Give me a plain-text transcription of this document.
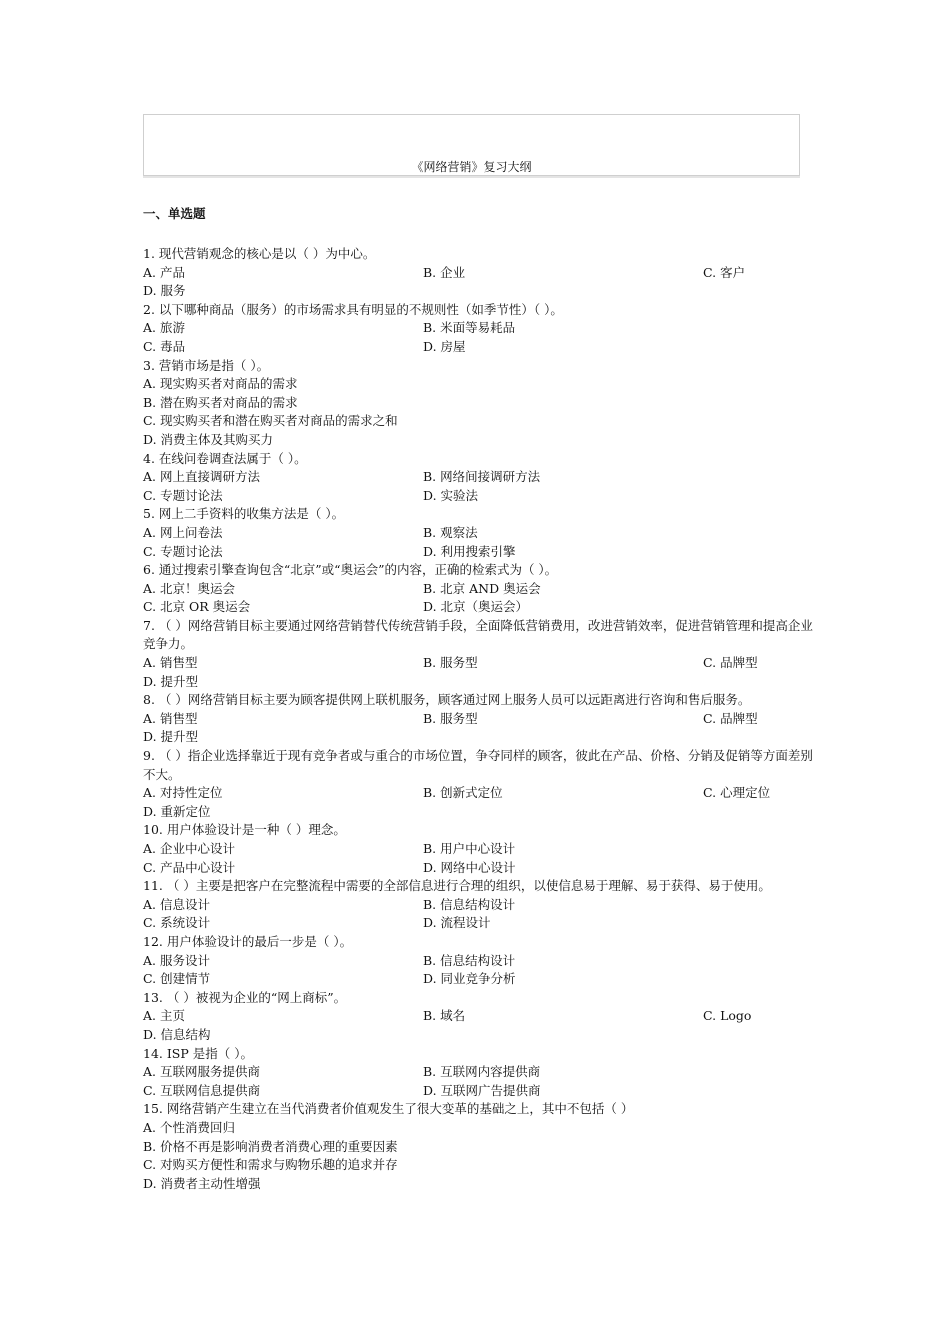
《网络营销》复习大纲
一、单选题
1. 现代营销观念的核心是以（ ）为中心。
A. 产品	B. 企业	C. 客户
D. 服务
2. 以下哪种商品（服务）的市场需求具有明显的不规则性（如季节性）（ ）。
A. 旅游	B. 米面等易耗品
C. 毒品	D. 房屋
3. 营销市场是指（ ）。
A. 现实购买者对商品的需求
B. 潜在购买者对商品的需求
C. 现实购买者和潜在购买者对商品的需求之和
D. 消费主体及其购买力
4. 在线问卷调查法属于（ ）。
A. 网上直接调研方法	B. 网络间接调研方法
C. 专题讨论法	D. 实验法
5. 网上二手资料的收集方法是（ ）。
A. 网上问卷法	B. 观察法
C. 专题讨论法	D. 利用搜索引擎
6. 通过搜索引擎查询包含“北京”或“奥运会”的内容，正确的检索式为（ ）。
A. 北京！奥运会	B. 北京 AND 奥运会
C. 北京 OR 奥运会	D. 北京（奥运会）
7. （ ）网络营销目标主要通过网络营销替代传统营销手段，全面降低营销费用，改进营销效率，促进营销管理和提高企业竞争力。
A. 销售型	B. 服务型	C. 品牌型
D. 提升型
8. （ ）网络营销目标主要为顾客提供网上联机服务，顾客通过网上服务人员可以远距离进行咨询和售后服务。
A. 销售型	B. 服务型	C. 品牌型
D. 提升型
9. （ ）指企业选择靠近于现有竞争者或与重合的市场位置，争夺同样的顾客，彼此在产品、价格、分销及促销等方面差别不大。
A. 对持性定位	B. 创新式定位	C. 心理定位
D. 重新定位
10. 用户体验设计是一种（ ）理念。
A. 企业中心设计	B. 用户中心设计
C. 产品中心设计	D. 网络中心设计
11. （ ）主要是把客户在完整流程中需要的全部信息进行合理的组织，以使信息易于理解、易于获得、易于使用。
A. 信息设计	B. 信息结构设计
C. 系统设计	D. 流程设计
12. 用户体验设计的最后一步是（ ）。
A. 服务设计	B. 信息结构设计
C. 创建情节	D. 同业竞争分析
13. （ ）被视为企业的“网上商标”。
A. 主页	B. 域名	C. Logo
D. 信息结构
14. ISP 是指（ ）。
A. 互联网服务提供商	B. 互联网内容提供商
C. 互联网信息提供商	D. 互联网广告提供商
15. 网络营销产生建立在当代消费者价值观发生了很大变革的基础之上，其中不包括（ ）
A. 个性消费回归
B. 价格不再是影响消费者消费心理的重要因素
C. 对购买方便性和需求与购物乐趣的追求并存
D. 消费者主动性增强
